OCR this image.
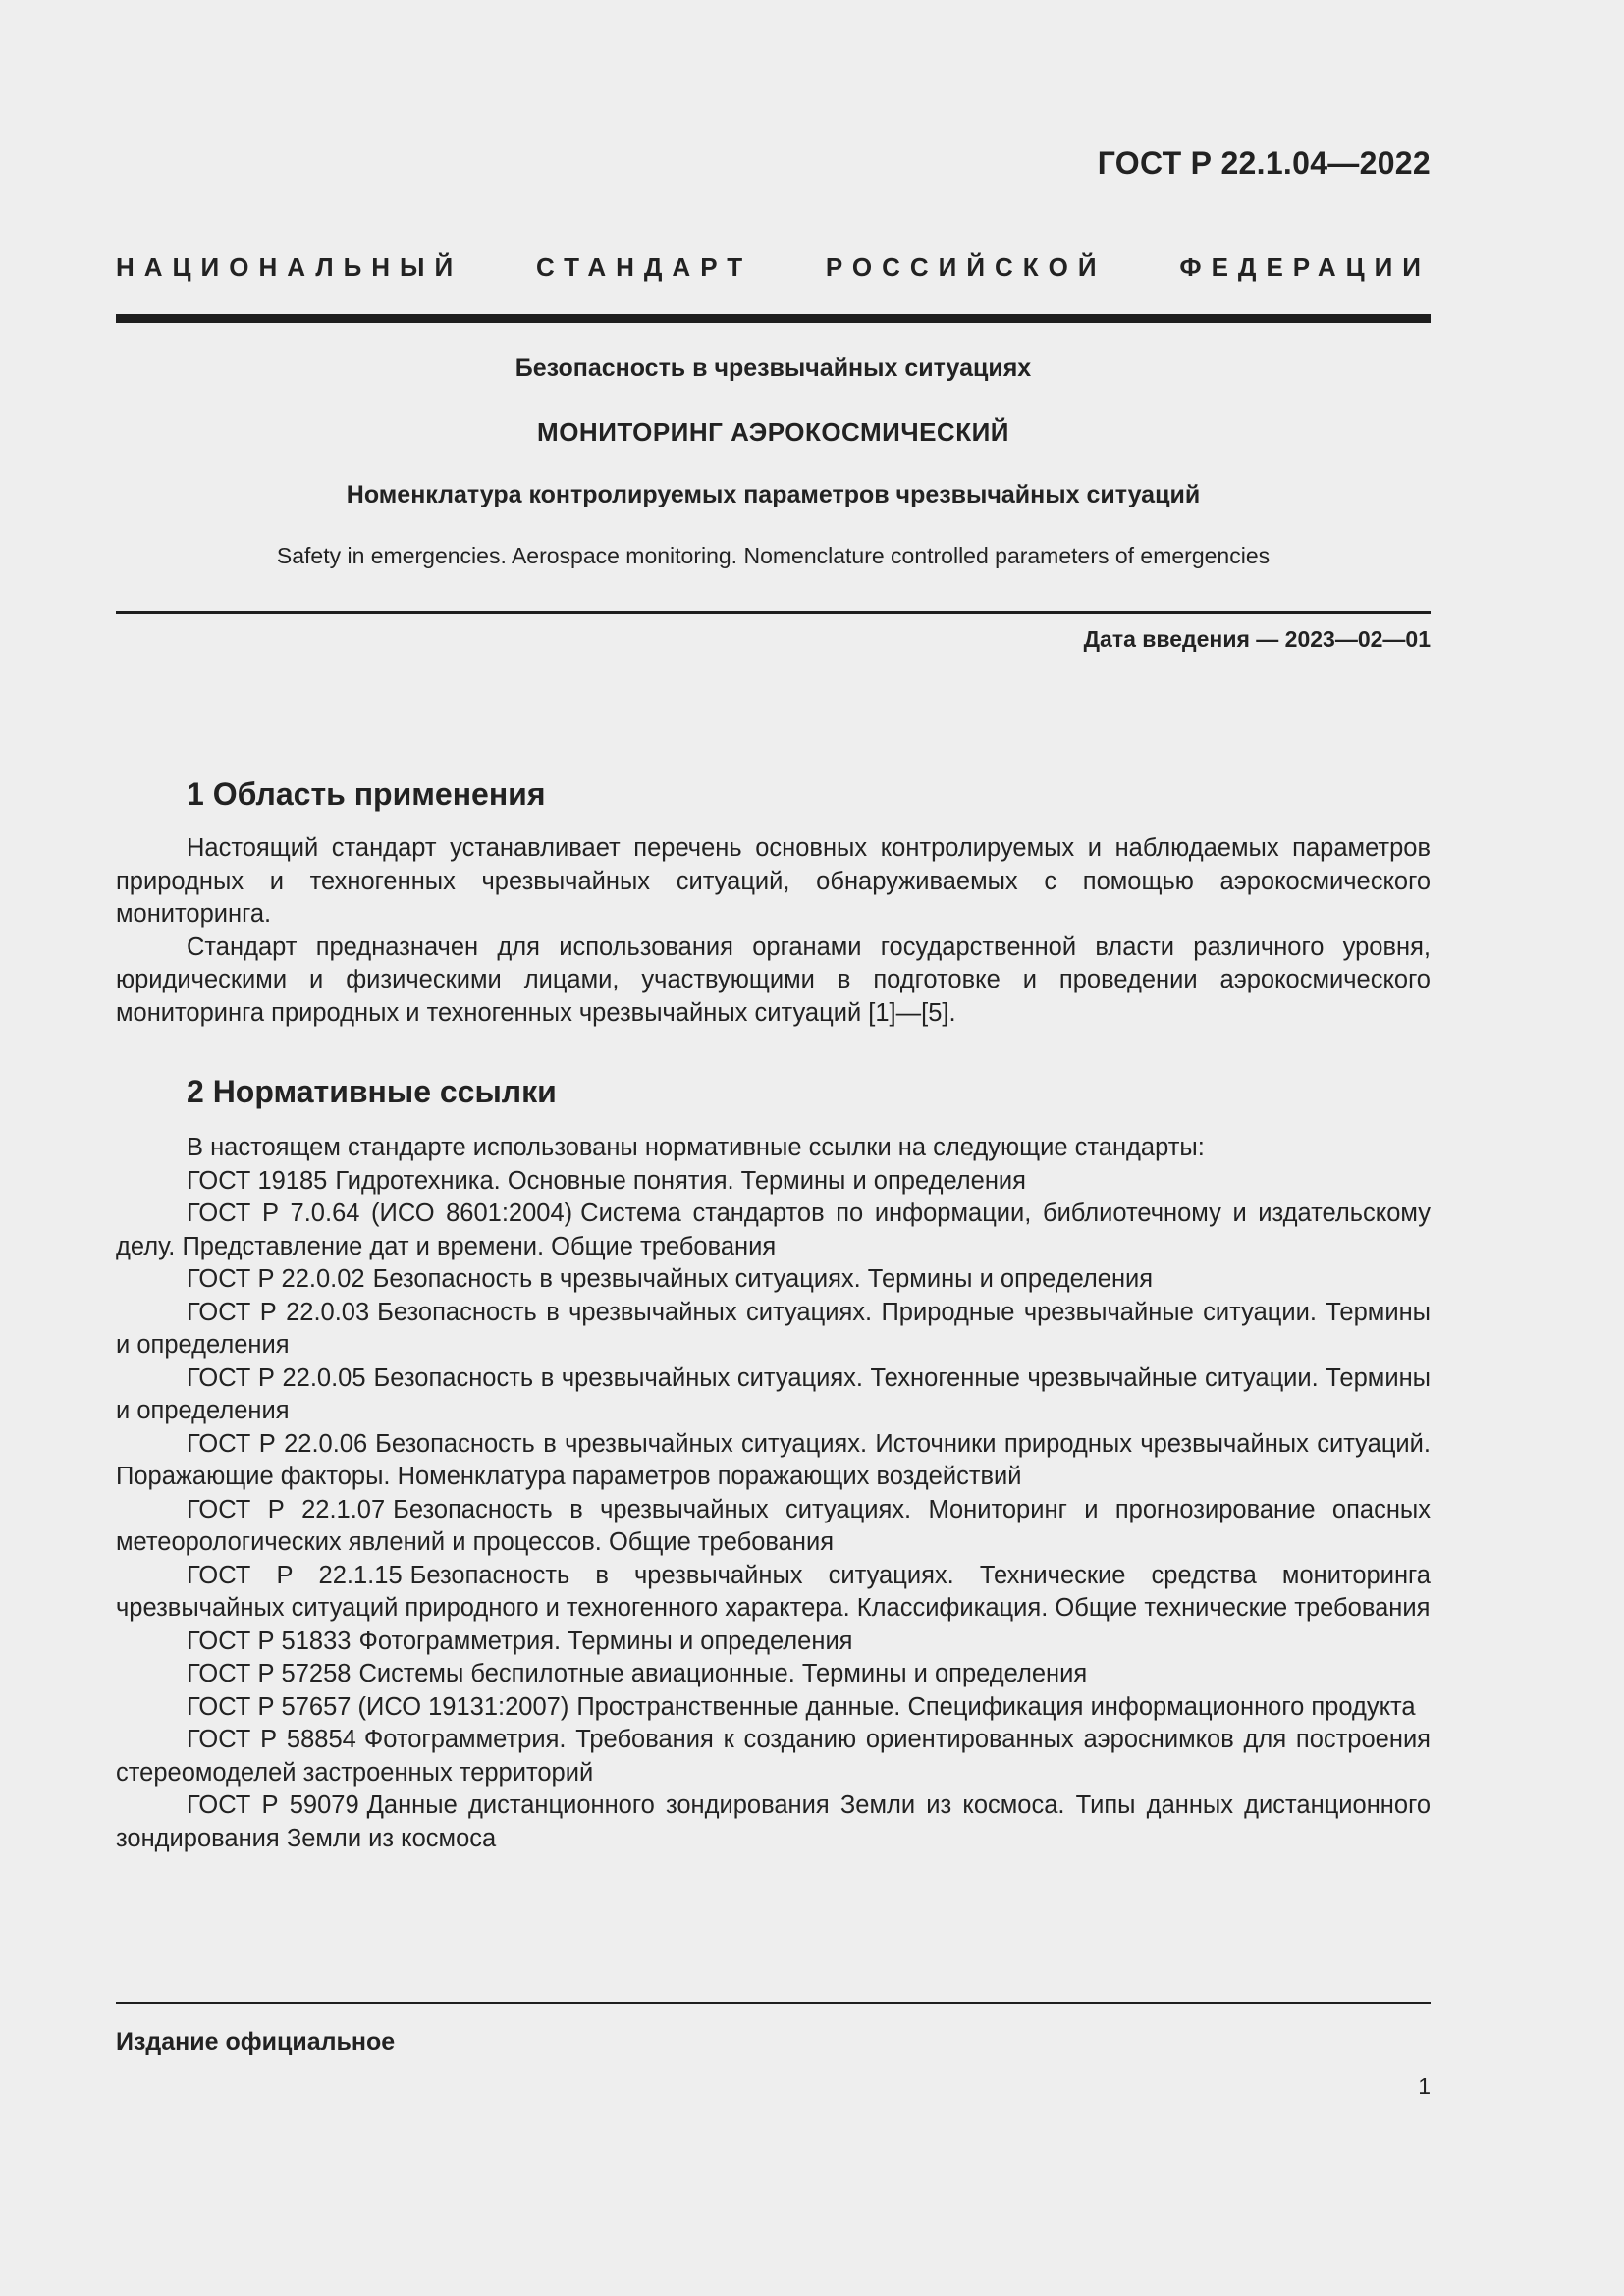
ГОСТ Р 22.1.04—2022
НАЦИОНАЛЬНЫЙ СТАНДАРТ РОССИЙСКОЙ ФЕДЕРАЦИИ
Безопасность в чрезвычайных ситуациях
МОНИТОРИНГ АЭРОКОСМИЧЕСКИЙ
Номенклатура контролируемых параметров чрезвычайных ситуаций
Safety in emergencies. Aerospace monitoring. Nomenclature controlled parameters of emergencies
Дата введения — 2023—02—01
1 Область применения

Настоящий стандарт устанавливает перечень основных контролируемых и наблюдаемых параметров природных и техногенных чрезвычайных ситуаций, обнаруживаемых с помощью аэрокосмического мониторинга.

Стандарт предназначен для использования органами государственной власти различного уровня, юридическими и физическими лицами, участвующими в подготовке и проведении аэрокосмического мониторинга природных и техногенных чрезвычайных ситуаций [1]—[5].

2 Нормативные ссылки

В настоящем стандарте использованы нормативные ссылки на следующие стандарты:

ГОСТ 19185 Гидротехника. Основные понятия. Термины и определения

ГОСТ Р 7.0.64 (ИСО 8601:2004) Система стандартов по информации, библиотечному и издательскому делу. Представление дат и времени. Общие требования

ГОСТ Р 22.0.02 Безопасность в чрезвычайных ситуациях. Термины и определения

ГОСТ Р 22.0.03 Безопасность в чрезвычайных ситуациях. Природные чрезвычайные ситуации. Термины и определения

ГОСТ Р 22.0.05 Безопасность в чрезвычайных ситуациях. Техногенные чрезвычайные ситуации. Термины и определения

ГОСТ Р 22.0.06 Безопасность в чрезвычайных ситуациях. Источники природных чрезвычайных ситуаций. Поражающие факторы. Номенклатура параметров поражающих воздействий

ГОСТ Р 22.1.07 Безопасность в чрезвычайных ситуациях. Мониторинг и прогнозирование опасных метеорологических явлений и процессов. Общие требования

ГОСТ Р 22.1.15 Безопасность в чрезвычайных ситуациях. Технические средства мониторинга чрезвычайных ситуаций природного и техногенного характера. Классификация. Общие технические требования

ГОСТ Р 51833 Фотограмметрия. Термины и определения

ГОСТ Р 57258 Системы беспилотные авиационные. Термины и определения

ГОСТ Р 57657 (ИСО 19131:2007) Пространственные данные. Спецификация информационного продукта

ГОСТ Р 58854 Фотограмметрия. Требования к созданию ориентированных аэроснимков для построения стереомоделей застроенных территорий

ГОСТ Р 59079 Данные дистанционного зондирования Земли из космоса. Типы данных дистанционного зондирования Земли из космоса

Издание официальное
1
